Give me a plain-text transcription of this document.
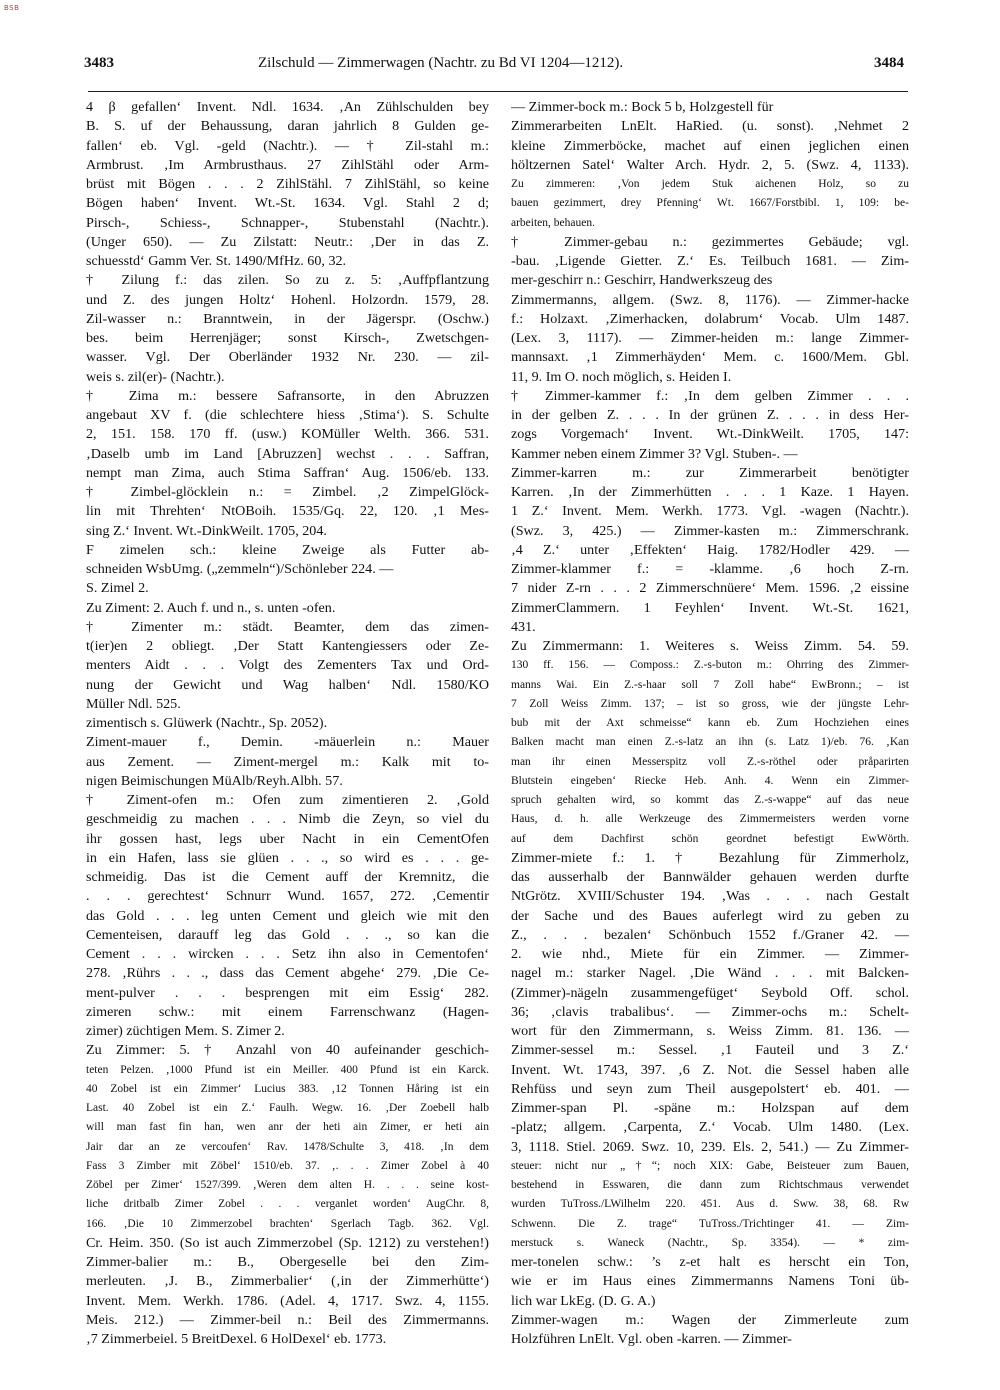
BSB
3483	Zilschuld — Zimmerwagen (Nachtr. zu Bd VI 1204—1212).	3484
4 β gefallen‘ Invent. Ndl. 1634. ‚An Zühlschulden bey
B. S. uf der Behaussung, daran jahrlich 8 Gulden ge-
fallen‘ eb. Vgl. -geld (Nachtr.). — † Zil-stahl m.:
Armbrust. ‚Im Armbrusthaus. 27 ZihlStähl oder Arm-
brüst mit Bögen . . . 2 ZihlStähl. 7 ZihlStähl, so keine
Bögen haben‘ Invent. Wt.-St. 1634. Vgl. Stahl 2 d;
Pirsch-, Schiess-, Schnapper-, Stubenstahl (Nachtr.).
(Unger 650). — Zu Zilstatt: Neutr.: ‚Der in das Z.
schuesstd‘ Gamm Ver. St. 1490/MfHz. 60, 32.
† Zilung f.: das zilen. So zu z. 5: ‚Auffpflantzung
und Z. des jungen Holtz‘ Hohenl. Holzordn. 1579, 28.
Zil-wasser n.: Branntwein, in der Jägerspr. (Oschw.)
bes. beim Herrenjäger; sonst Kirsch-, Zwetschgen-
wasser. Vgl. Der Oberländer 1932 Nr. 230. — zil-
weis s. zil(er)- (Nachtr.).
† Zima m.: bessere Safransorte, in den Abruzzen
angebaut XV f. (die schlechtere hiess ‚Stima‘). S. Schulte
2, 151. 158. 170 ff. (usw.) KOMüller Welth. 366. 531.
‚Daselb umb im Land [Abruzzen] wechst . . . Saffran,
nempt man Zima, auch Stima Saffran‘ Aug. 1506/eb. 133.
† Zimbel-glöcklein n.: = Zimbel. ‚2 ZimpelGlöck-
lin mit Threhten‘ NtOBoih. 1535/Gq. 22, 120. ‚1 Mes-
sing Z.‘ Invent. Wt.-DinkWeilt. 1705, 204.
F zimelen sch.: kleine Zweige als Futter ab-
schneiden WsbUmg. („zemmeln“)/Schönleber 224. —
S. Zimel 2.
Zu Ziment: 2. Auch f. und n., s. unten -ofen.
† Zimenter m.: städt. Beamter, dem das zimen-
t(ier)en 2 obliegt. ‚Der Statt Kantengiessers oder Ze-
menters Aidt . . . Volgt des Zementers Tax und Ord-
nung der Gewicht und Wag halben‘ Ndl. 1580/KO
Müller Ndl. 525.
zimentisch s. Glüwerk (Nachtr., Sp. 2052).
Ziment-mauer f., Demin. -mäuerlein n.: Mauer
aus Zement. — Ziment-mergel m.: Kalk mit to-
nigen Beimischungen MüAlb/Reyh.Albh. 57.
† Ziment-ofen m.: Ofen zum zimentieren 2. ‚Gold
geschmeidig zu machen . . . Nimb die Zeyn, so viel du
ihr gossen hast, legs uber Nacht in ein CementOfen
in ein Hafen, lass sie glüen . . ., so wird es . . . ge-
schmeidig. Das ist die Cement auff der Kremnitz, die
. . . gerechtest‘ Schnurr Wund. 1657, 272. ‚Cementir
das Gold . . . leg unten Cement und gleich wie mit den
Cementeisen, darauff leg das Gold . . ., so kan die
Cement . . . wircken . . . Setz ihn also in Cementofen‘
278. ‚Rührs . . ., dass das Cement abgehe‘ 279. ‚Die Ce-
ment-pulver . . . besprengen mit eim Essig‘ 282.
zimeren schw.: mit einem Farrenschwanz (Hagen-
zimer) züchtigen Mem. S. Zimer 2.
Zu Zimmer: 5. † Anzahl von 40 aufeinander geschich-
teten Pelzen. ‚1000 Pfund ist ein Meiller. 400 Pfund ist ein Karck.
40 Zobel ist ein Zimmer‘ Lucius 383. ‚12 Tonnen Håring ist ein
Last. 40 Zobel ist ein Z.‘ Faulh. Wegw. 16. ‚Der Zoebell halb
will man fast fin han, wen anr der heti ain Zimer, er heti ain
Jair dar an ze vercoufen‘ Rav. 1478/Schulte 3, 418. ‚In dem
Fass 3 Zimber mit Zöbel‘ 1510/eb. 37. ‚. . . Zimer Zobel à 40
Zöbel per Zimer‘ 1527/399. ‚Weren dem alten H. . . . seine kost-
liche dritbalb Zimer Zobel . . . verganlet worden‘ AugChr. 8,
166. ‚Die 10 Zimmerzobel brachten‘ Sgerlach Tagb. 362. Vgl.
Cr. Heim. 350. (So ist auch Zimmerzobel (Sp. 1212) zu verstehen!)
Zimmer-balier m.: B., Obergeselle bei den Zim-
merleuten. ‚J. B., Zimmerbalier‘ (‚in der Zimmerhütte‘)
Invent. Mem. Werkh. 1786. (Adel. 4, 1717. Swz. 4, 1155.
Meis. 212.) — Zimmer-beil n.: Beil des Zimmermanns.
‚7 Zimmerbeiel. 5 BreitDexel. 6 HolDexel‘ eb. 1773.
— Zimmer-bock m.: Bock 5 b, Holzgestell für
Zimmerarbeiten LnElt. HaRied. (u. sonst). ‚Nehmet 2
kleine Zimmerböcke, machet auf einen jeglichen einen
höltzernen Satel‘ Walter Arch. Hydr. 2, 5. (Swz. 4, 1133).
Zu zimmeren: ‚Von jedem Stuk aichenen Holz, so zu
bauen gezimmert, drey Pfenning‘ Wt. 1667/Forstbibl. 1, 109: be-
arbeiten, behauen.
† Zimmer-gebau n.: gezimmertes Gebäude; vgl.
-bau. ‚Ligende Gietter. Z.‘ Es. Teilbuch 1681. — Zim-
mer-geschirr n.: Geschirr, Handwerkszeug des
Zimmermanns, allgem. (Swz. 8, 1176). — Zimmer-hacke
f.: Holzaxt. ‚Zimerhacken, dolabrum‘ Vocab. Ulm 1487.
(Lex. 3, 1117). — Zimmer-heiden m.: lange Zimmer-
mannsaxt. ‚1 Zimmerhäyden‘ Mem. c. 1600/Mem. Gbl.
11, 9. Im O. noch möglich, s. Heiden I.
† Zimmer-kammer f.: ‚In dem gelben Zimmer . . .
in der gelben Z. . . . In der grünen Z. . . . in dess Her-
zogs Vorgemach‘ Invent. Wt.-DinkWeilt. 1705, 147:
Kammer neben einem Zimmer 3? Vgl. Stuben-. —
Zimmer-karren m.: zur Zimmerarbeit benötigter
Karren. ‚In der Zimmerhütten . . . 1 Kaze. 1 Hayen.
1 Z.‘ Invent. Mem. Werkh. 1773. Vgl. -wagen (Nachtr.).
(Swz. 3, 425.) — Zimmer-kasten m.: Zimmerschrank.
‚4 Z.‘ unter ‚Effekten‘ Haig. 1782/Hodler 429. —
Zimmer-klammer f.: = -klamme. ‚6 hoch Z-rn.
7 nider Z-rn . . . 2 Zimmerschnüere‘ Mem. 1596. ‚2 eissine
ZimmerClammern. 1 Feyhlen‘ Invent. Wt.-St. 1621,
431.
Zu Zimmermann: 1. Weiteres s. Weiss Zimm. 54. 59.
130 ff. 156. — Composs.: Z.-s-buton m.: Ohrring des Zimmer-
manns Wai. Ein Z.-s-haar soll 7 Zoll habe“ EwBronn.; – ist
7 Zoll Weiss Zimm. 137; – ist so gross, wie der jüngste Lehr-
bub mit der Axt schmeisse“ kann eb. Zum Hochziehen eines
Balken macht man einen Z.-s-latz an ihn (s. Latz 1)/eb. 76. ‚Kan
man ihr einen Messerspitz voll Z.-s-röthel oder pråparirten
Blutstein eingeben‘ Riecke Heb. Anh. 4. Wenn ein Zimmer-
spruch gehalten wird, so kommt das Z.-s-wappe“ auf das neue
Haus, d. h. alle Werkzeuge des Zimmermeisters werden vorne
auf dem Dachfirst schön geordnet befestigt EwWörth.
Zimmer-miete f.: 1. † Bezahlung für Zimmerholz,
das ausserhalb der Bannwälder gehauen werden durfte
NtGrötz. XVIII/Schuster 194. ‚Was . . . nach Gestalt
der Sache und des Baues auferlegt wird zu geben zu
Z., . . . bezalen‘ Schönbuch 1552 f./Graner 42. —
2. wie nhd., Miete für ein Zimmer. — Zimmer-
nagel m.: starker Nagel. ‚Die Wänd . . . mit Balcken-
(Zimmer)-nägeln zusammengefüget‘ Seybold Off. schol.
36; ‚clavis trabalibus‘. — Zimmer-ochs m.: Schelt-
wort für den Zimmermann, s. Weiss Zimm. 81. 136. —
Zimmer-sessel m.: Sessel. ‚1 Fauteil und 3 Z.‘
Invent. Wt. 1743, 397. ‚6 Z. Not. die Sessel haben alle
Rehfüss und seyn zum Theil ausgepolstert‘ eb. 401. —
Zimmer-span Pl. -späne m.: Holzspan auf dem
-platz; allgem. ‚Carpenta, Z.‘ Vocab. Ulm 1480. (Lex.
3, 1118. Stiel. 2069. Swz. 10, 239. Els. 2, 541.) — Zu Zimmer-
steuer: nicht nur „†“; noch XIX: Gabe, Beisteuer zum Bauen,
bestehend in Esswaren, die dann zum Richtschmaus verwendet
wurden TuTross./LWilhelm 220. 451. Aus d. Sww. 38, 68. Rw
Schwenn. Die Z. trage“ TuTross./Trichtinger 41. — Zim-
merstuck s. Waneck (Nachtr., Sp. 3354). — * zim-
mer-tonelen schw.: ’s z-et halt es herscht ein Ton,
wie er im Haus eines Zimmermanns Namens Toni üb-
lich war LkEg. (D. G. A.)
Zimmer-wagen m.: Wagen der Zimmerleute zum
Holzführen LnElt. Vgl. oben -karren. — Zimmer-
